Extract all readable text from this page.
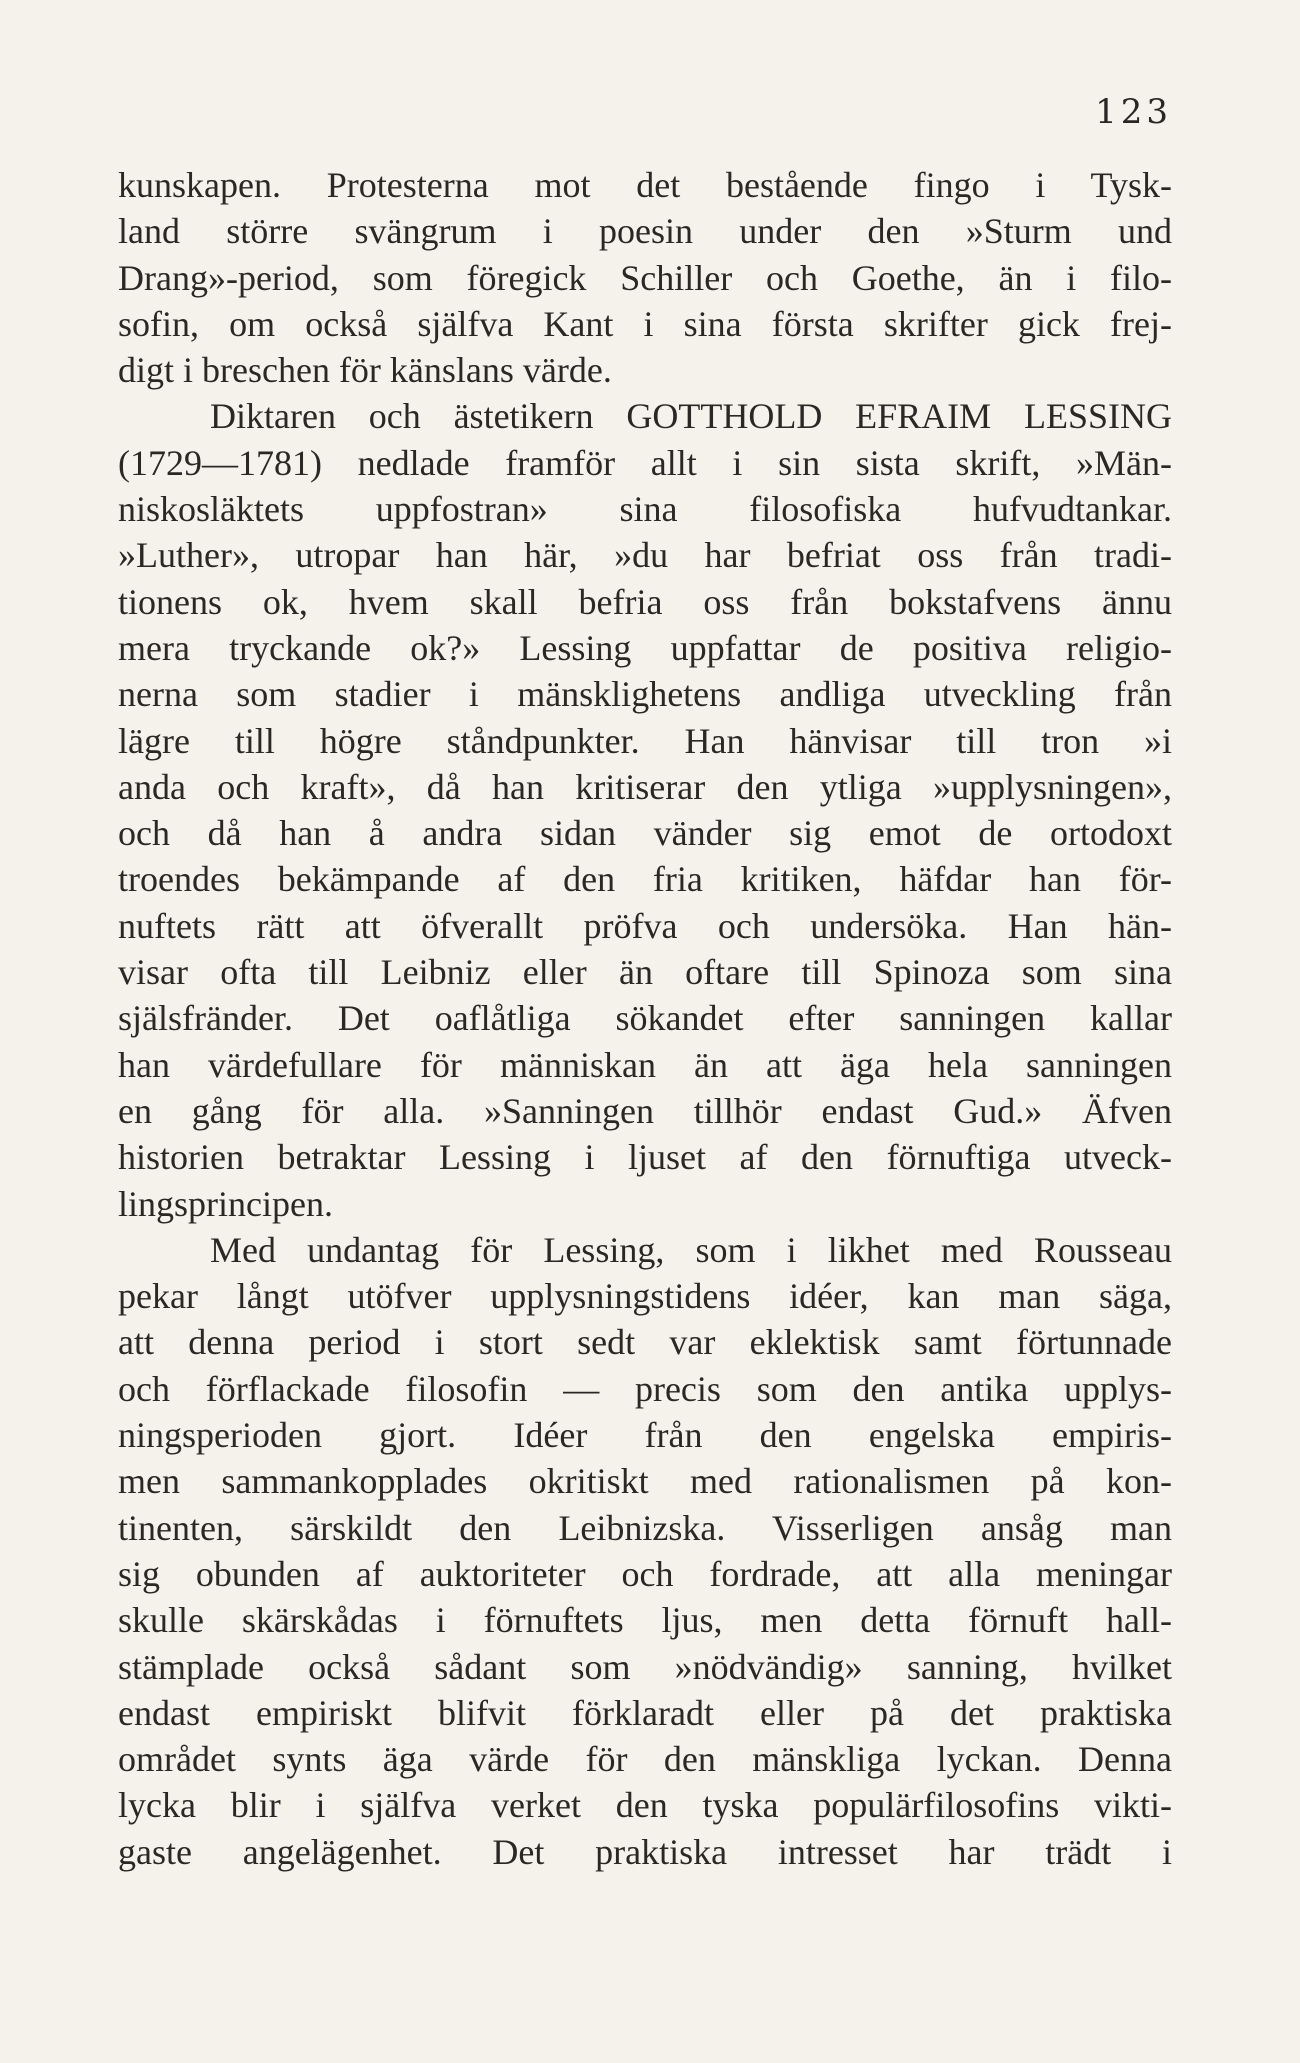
123
kunskapen. Protesterna mot det bestående fingo i Tysk-
land större svängrum i poesin under den »Sturm und
Drang»-period, som föregick Schiller och Goethe, än i filo-
sofin, om också själfva Kant i sina första skrifter gick frej-
digt i breschen för känslans värde.
Diktaren och ästetikern GOTTHOLD EFRAIM LESSING
(1729—1781) nedlade framför allt i sin sista skrift, »Män-
niskosläktets uppfostran» sina filosofiska hufvudtankar.
»Luther», utropar han här, »du har befriat oss från tradi-
tionens ok, hvem skall befria oss från bokstafvens ännu
mera tryckande ok?» Lessing uppfattar de positiva religio-
nerna som stadier i mänsklighetens andliga utveckling från
lägre till högre ståndpunkter. Han hänvisar till tron »i
anda och kraft», då han kritiserar den ytliga »upplysningen»,
och då han å andra sidan vänder sig emot de ortodoxt
troendes bekämpande af den fria kritiken, häfdar han för-
nuftets rätt att öfverallt pröfva och undersöka. Han hän-
visar ofta till Leibniz eller än oftare till Spinoza som sina
själsfränder. Det oaflåtliga sökandet efter sanningen kallar
han värdefullare för människan än att äga hela sanningen
en gång för alla. »Sanningen tillhör endast Gud.» Äfven
historien betraktar Lessing i ljuset af den förnuftiga utveck-
lingsprincipen.
Med undantag för Lessing, som i likhet med Rousseau
pekar långt utöfver upplysningstidens idéer, kan man säga,
att denna period i stort sedt var eklektisk samt förtunnade
och förflackade filosofin — precis som den antika upplys-
ningsperioden gjort. Idéer från den engelska empiris-
men sammankopplades okritiskt med rationalismen på kon-
tinenten, särskildt den Leibnizska. Visserligen ansåg man
sig obunden af auktoriteter och fordrade, att alla meningar
skulle skärskådas i förnuftets ljus, men detta förnuft hall-
stämplade också sådant som »nödvändig» sanning, hvilket
endast empiriskt blifvit förklaradt eller på det praktiska
området synts äga värde för den mänskliga lyckan. Denna
lycka blir i själfva verket den tyska populärfilosofins vikti-
gaste angelägenhet. Det praktiska intresset har trädt i
